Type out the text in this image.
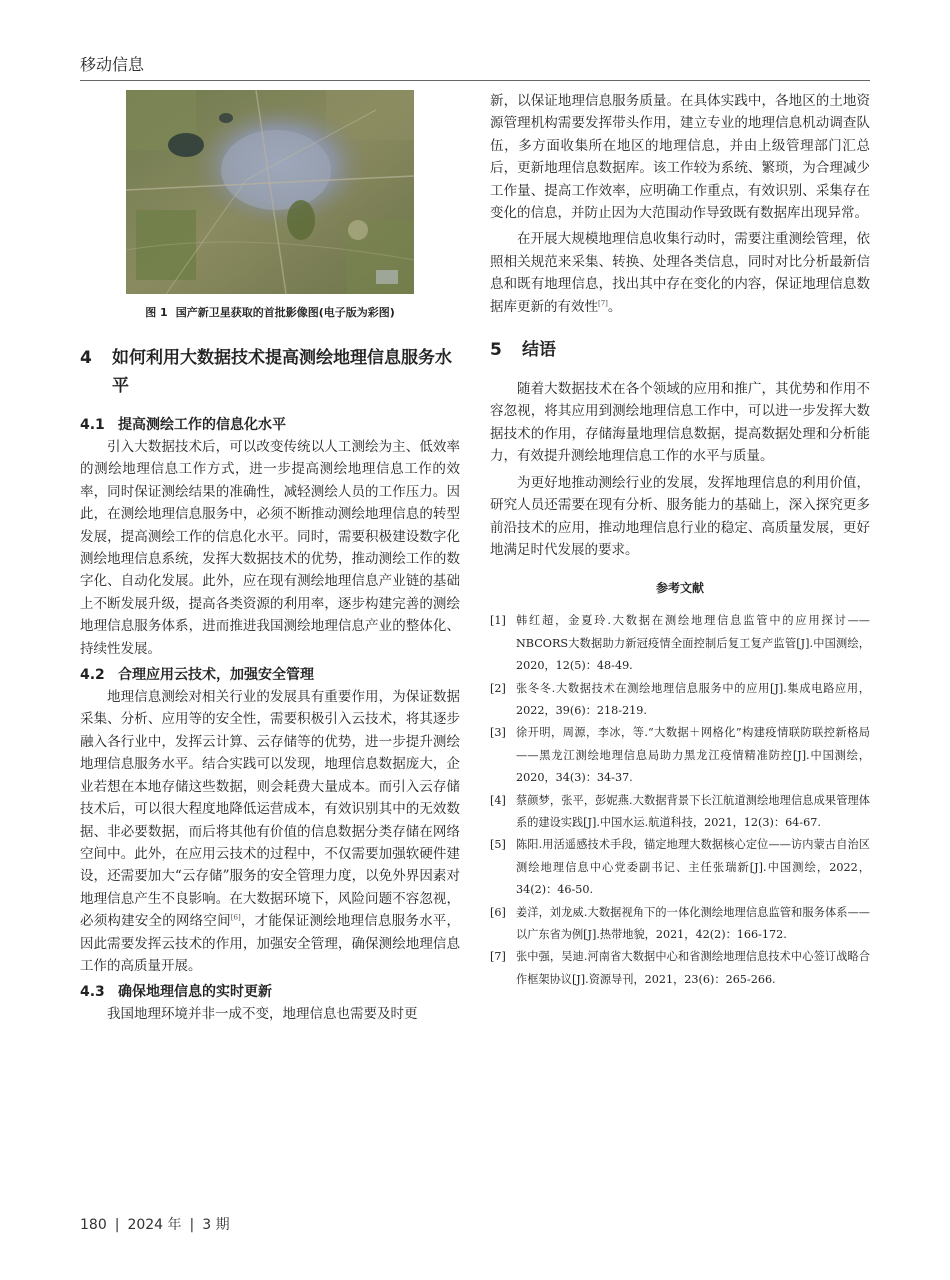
移动信息
图 1 国产新卫星获取的首批影像图(电子版为彩图)
4	如何利用大数据技术提高测绘地理信息服务水平
4.1 提高测绘工作的信息化水平

引入大数据技术后，可以改变传统以人工测绘为主、低效率的测绘地理信息工作方式，进一步提高测绘地理信息工作的效率，同时保证测绘结果的准确性，减轻测绘人员的工作压力。因此，在测绘地理信息服务中，必须不断推动测绘地理信息的转型发展，提高测绘工作的信息化水平。同时，需要积极建设数字化测绘地理信息系统，发挥大数据技术的优势，推动测绘工作的数字化、自动化发展。此外，应在现有测绘地理信息产业链的基础上不断发展升级，提高各类资源的利用率，逐步构建完善的测绘地理信息服务体系，进而推进我国测绘地理信息产业的整体化、持续性发展。

4.2 合理应用云技术，加强安全管理

地理信息测绘对相关行业的发展具有重要作用，为保证数据采集、分析、应用等的安全性，需要积极引入云技术，将其逐步融入各行业中，发挥云计算、云存储等的优势，进一步提升测绘地理信息服务水平。结合实践可以发现，地理信息数据庞大，企业若想在本地存储这些数据，则会耗费大量成本。而引入云存储技术后，可以很大程度地降低运营成本，有效识别其中的无效数据、非必要数据，而后将其他有价值的信息数据分类存储在网络空间中。此外，在应用云技术的过程中，不仅需要加强软硬件建设，还需要加大“云存储”服务的安全管理力度，以免外界因素对地理信息产生不良影响。在大数据环境下，风险问题不容忽视，必须构建安全的网络空间[6]，才能保证测绘地理信息服务水平，因此需要发挥云技术的作用，加强安全管理，确保测绘地理信息工作的高质量开展。

4.3 确保地理信息的实时更新

我国地理环境并非一成不变，地理信息也需要及时更

新，以保证地理信息服务质量。在具体实践中，各地区的土地资源管理机构需要发挥带头作用，建立专业的地理信息机动调查队伍，多方面收集所在地区的地理信息，并由上级管理部门汇总后，更新地理信息数据库。该工作较为系统、繁琐，为合理减少工作量、提高工作效率，应明确工作重点，有效识别、采集存在变化的信息，并防止因为大范围动作导致既有数据库出现异常。

在开展大规模地理信息收集行动时，需要注重测绘管理，依照相关规范来采集、转换、处理各类信息，同时对比分析最新信息和既有地理信息，找出其中存在变化的内容，保证地理信息数据库更新的有效性[7]。

5	结语

随着大数据技术在各个领域的应用和推广，其优势和作用不容忽视，将其应用到测绘地理信息工作中，可以进一步发挥大数据技术的作用，存储海量地理信息数据，提高数据处理和分析能力，有效提升测绘地理信息工作的水平与质量。

为更好地推动测绘行业的发展，发挥地理信息的利用价值，研究人员还需要在现有分析、服务能力的基础上，深入探究更多前沿技术的应用，推动地理信息行业的稳定、高质量发展，更好地满足时代发展的要求。

参考文献
[1] 韩红超，金夏玲.大数据在测绘地理信息监管中的应用探讨——NBCORS大数据助力新冠疫情全面控制后复工复产监管[J].中国测绘，2020，12(5)：48-49.
[2] 张冬冬.大数据技术在测绘地理信息服务中的应用[J].集成电路应用，2022，39(6)：218-219.
[3] 徐开明，周源，李冰，等.“大数据＋网格化”构建疫情联防联控新格局——黑龙江测绘地理信息局助力黑龙江疫情精准防控[J].中国测绘，2020，34(3)：34-37.
[4] 蔡颜梦，张平，彭妮燕.大数据背景下长江航道测绘地理信息成果管理体系的建设实践[J].中国水运.航道科技，2021，12(3)：64-67.
[5] 陈阳.用活遥感技术手段，锚定地理大数据核心定位——访内蒙古自治区测绘地理信息中心党委副书记、主任张瑞新[J].中国测绘，2022，34(2)：46-50.
[6] 姜洋，刘龙威.大数据视角下的一体化测绘地理信息监管和服务体系——以广东省为例[J].热带地貌，2021，42(2)：166-172.
[7] 张中强，吴迪.河南省大数据中心和省测绘地理信息技术中心签订战略合作框架协议[J].资源导刊，2021，23(6)：265-266.
180 | 2024 年 | 3 期
